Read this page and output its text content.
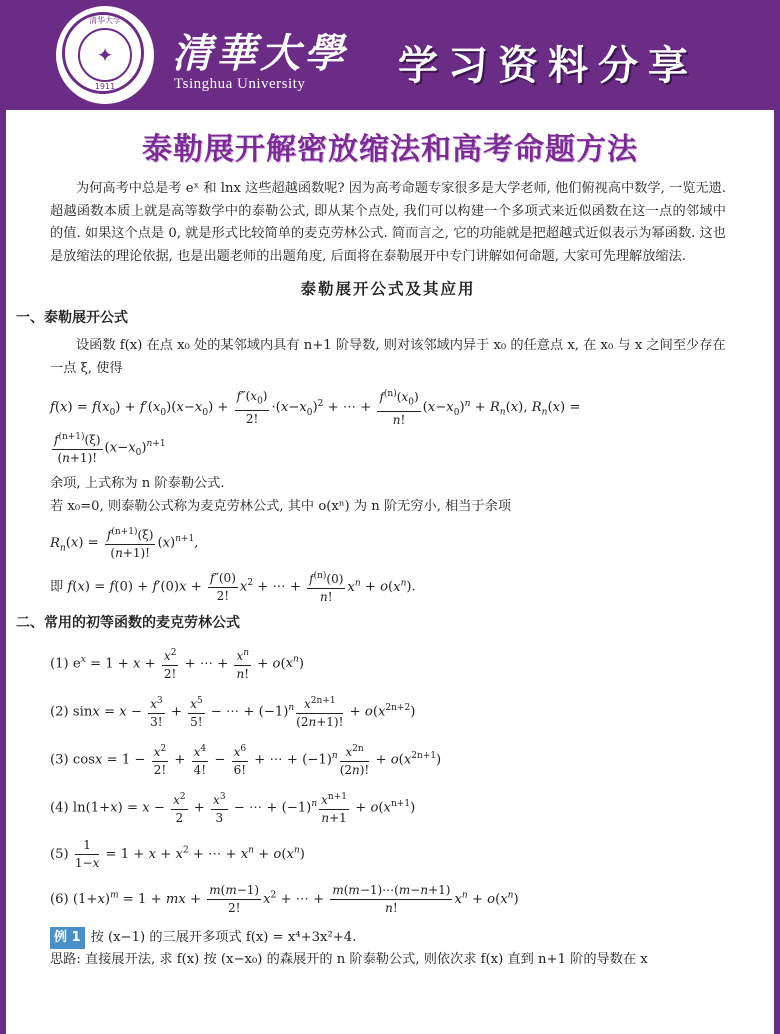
清华大学
✦
1911
清華大學
Tsinghua University 学习资料分享
泰勒展开解密放缩法和高考命题方法

为何高考中总是考 eˣ 和 lnx 这些超越函数呢? 因为高考命题专家很多是大学老师, 他们俯视高中数学, 一览无遗. 超越函数本质上就是高等数学中的泰勒公式, 即从某个点处, 我们可以构建一个多项式来近似函数在这一点的邻域中的值. 如果这个点是 0, 就是形式比较简单的麦克劳林公式. 简而言之, 它的功能就是把超越式近似表示为幂函数. 这也是放缩法的理论依据, 也是出题老师的出题角度, 后面将在泰勒展开中专门讲解如何命题, 大家可先理解放缩法.

泰勒展开公式及其应用
一、泰勒展开公式

设函数 f(x) 在点 x₀ 处的某邻域内具有 n+1 阶导数, 则对该邻域内异于 x₀ 的任意点 x, 在 x₀ 与 x 之间至少存在一点 ξ, 使得

$f(x) = f(x_0) + f'(x_0)(x-x_0) + \frac{f''(x_0)}{2!} \cdot(x-x_0)^2$ + ⋯ + $\frac{f^{(n)}(x_0)}{n!} (x-x_0)^n + R_n(x)$, $R_n(x)$ =

$\frac{f^{(n+1)}(\xi)}{(n+1)!} (x-x_0)^{n+1}$

余项, 上式称为 n 阶泰勒公式.

若 x₀=0, 则泰勒公式称为麦克劳林公式, 其中 o(xⁿ) 为 n 阶无穷小, 相当于余项

$R_n(x) = \frac{f^{(n+1)}(\xi)}{(n+1)!} (x)^{n+1}$,
即 $f(x) = f(0) + f'(0)x + \frac{f''(0)}{2!} x^2$ + ⋯ + $\frac{f^{(n)}(0)}{n!} x^n + o(x^n)$.
二、常用的初等函数的麦克劳林公式
(1) $e^x = 1 + x + \frac{x^2}{2!}$ + ⋯ + $\frac{x^n}{n!} + o(x^n)$
(2) $\sin x = x - \frac{x^3}{3!} + \frac{x^5}{5!}$ − ⋯ + $(-1)^n \frac{x^{2n+1}}{(2n+1)!} + o(x^{2n+2})$
(3) $\cos x = 1 - \frac{x^2}{2!} + \frac{x^4}{4!} - \frac{x^6}{6!}$ + ⋯ + $(-1)^n \frac{x^{2n}}{(2n)!} + o(x^{2n+1})$
(4) $\ln(1+x) = x - \frac{x^2}{2} + \frac{x^3}{3}$ − ⋯ + $(-1)^n \frac{x^{n+1}}{n+1} + o(x^{n+1})$
$(5) \frac{1}{1-x} = 1 + x + x^2$ + ⋯ + $x^n + o(x^n)$
(6) $(1+x)^m = 1$ + mx + $\frac{m(m-1)}{2!} x^2$ + ⋯ + $\frac{m(m-1)\cdots(m-n+1)}{n!} x^n + o(x^n)$

例 1 按 (x−1) 的三展开多项式 f(x) = x⁴+3x²+4.

思路: 直接展开法, 求 f(x) 按 (x−x₀) 的森展开的 n 阶泰勒公式, 则依次求 f(x) 直到 n+1 阶的导数在 x
